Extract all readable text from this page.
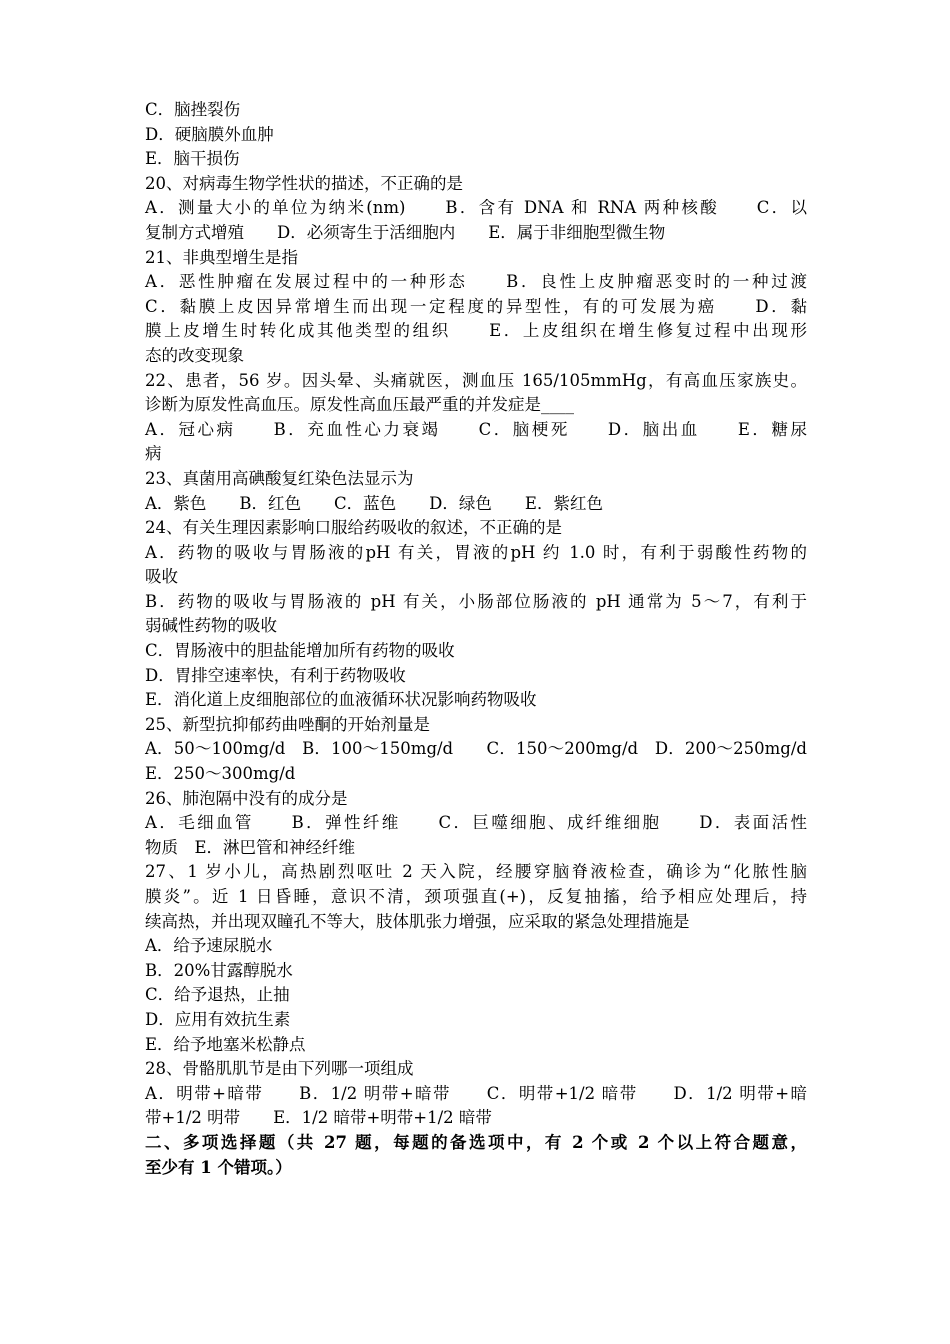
C．脑挫裂伤
D．硬脑膜外血肿
E．脑干损伤
20、对病毒生物学性状的描述，不正确的是
A．测量大小的单位为纳米(nm)　　B．含有 DNA 和 RNA 两种核酸　　C．以
复制方式增殖　　D．必须寄生于活细胞内　　E．属于非细胞型微生物
21、非典型增生是指
A．恶性肿瘤在发展过程中的一种形态　　B．良性上皮肿瘤恶变时的一种过渡
C．黏膜上皮因异常增生而出现一定程度的异型性，有的可发展为癌　　D．黏
膜上皮增生时转化成其他类型的组织　　E．上皮组织在增生修复过程中出现形
态的改变现象
22、患者，56 岁。因头晕、头痛就医，测血压 165/105mmHg，有高血压家族史。
诊断为原发性高血压。原发性高血压最严重的并发症是____
A．冠心病　　B．充血性心力衰竭　　C．脑梗死　　D．脑出血　　E．糖尿
病
23、真菌用高碘酸复红染色法显示为
A．紫色　　B．红色　　C．蓝色　　D．绿色　　E．紫红色
24、有关生理因素影响口服给药吸收的叙述，不正确的是
A．药物的吸收与胃肠液的pH 有关，胃液的pH 约 1.0 时，有利于弱酸性药物的
吸收
B．药物的吸收与胃肠液的 pH 有关，小肠部位肠液的 pH 通常为 5～7，有利于
弱碱性药物的吸收
C．胃肠液中的胆盐能增加所有药物的吸收
D．胃排空速率快，有利于药物吸收
E．消化道上皮细胞部位的血液循环状况影响药物吸收
25、新型抗抑郁药曲唑酮的开始剂量是
A．50～100mg/d　B．100～150mg/d　　C．150～200mg/d　D．200～250mg/d
E．250～300mg/d
26、肺泡隔中没有的成分是
A．毛细血管　　B．弹性纤维　　C．巨噬细胞、成纤维细胞　　D．表面活性
物质　E．淋巴管和神经纤维
27、1 岁小儿，高热剧烈呕吐 2 天入院，经腰穿脑脊液检查，确诊为“化脓性脑
膜炎”。近 1 日昏睡，意识不清，颈项强直(+)，反复抽搐，给予相应处理后，持
续高热，并出现双瞳孔不等大，肢体肌张力增强，应采取的紧急处理措施是
A．给予速尿脱水
B．20%甘露醇脱水
C．给予退热，止抽
D．应用有效抗生素
E．给予地塞米松静点
28、骨骼肌肌节是由下列哪一项组成
A．明带+暗带　　B．1/2 明带+暗带　　C．明带+1/2 暗带　　D．1/2 明带+暗
带+1/2 明带　　E．1/2 暗带+明带+1/2 暗带
二、多项选择题（共 27 题，每题的备选项中，有 2 个或 2 个以上符合题意，
至少有 1 个错项。）
